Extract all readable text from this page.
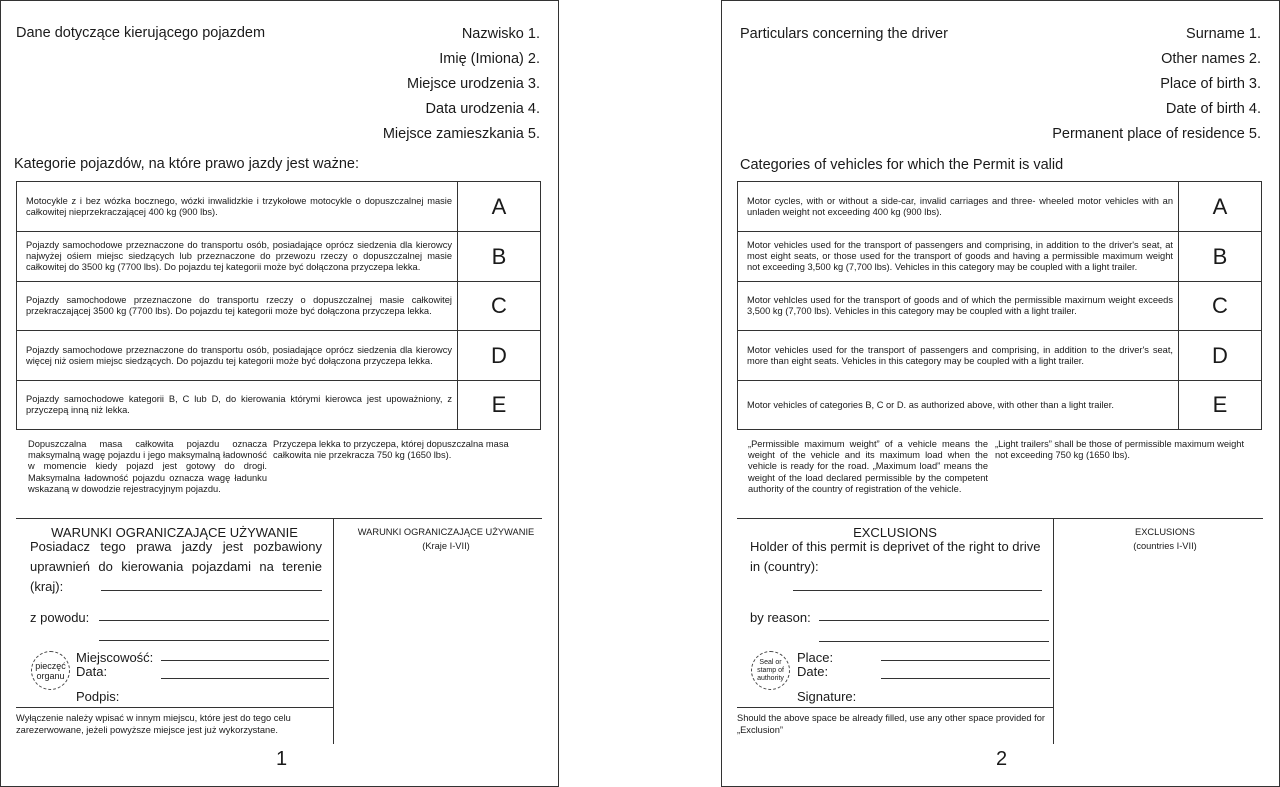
Dane dotyczące kierującego pojazdem	Nazwisko 1.
Imię (Imiona) 2.
Miejsce urodzenia 3.
Data urodzenia 4.
Miejsce zamieszkania 5.
Kategorie pojazdów, na które prawo jazdy jest ważne:
Motocykle z i bez wózka bocznego, wózki inwalidzkie i trzykołowe motocykle o dopuszczalnej masie całkowitej nieprzekraczającej 400 kg (900 lbs).	A
Pojazdy samochodowe przeznaczone do transportu osób, posiadające oprócz siedzenia dla kierowcy najwyżej ośiem miejsc siedzących lub przeznaczone do przewozu rzeczy o dopuszczalnej masie całkowitej do 3500 kg (7700 lbs). Do pojazdu tej kategorii może być dołączona przyczepa lekka.	B
Pojazdy samochodowe przeznaczone do transportu rzeczy o dopuszczalnej masie całkowitej przekraczającej 3500 kg (7700 lbs). Do pojazdu tej kategorii może być dołączona przyczepa lekka.	C
Pojazdy samochodowe przeznaczone do transportu osób, posiadające oprócz siedzenia dla kierowcy więcej niż osiem miejsc siedzących. Do pojazdu tej kategorii może być dołączona przyczepa lekka.	D
Pojazdy samochodowe kategorii B, C lub D, do kierowania którymi kierowca jest upoważniony, z przyczepą inną niż lekka.	E
Dopuszczalna masa całkowita pojazdu oznacza maksymalną wagę pojazdu i jego maksymalną ładowność w momencie kiedy pojazd jest gotowy do drogi. Maksymalna ładowność pojazdu oznacza wagę ładunku wskazaną w dowodzie rejestracyjnym pojazdu.
Przyczepa lekka to przyczepa, której dopuszczalna masa całkowita nie przekracza 750 kg (1650 lbs).
WARUNKI OGRANICZAJĄCE UŻYWANIE
Posiadacz tego prawa jazdy jest pozbawiony uprawnień do kierowania pojazdami na terenie (kraj):
z powodu:
pieczęć organu
Miejscowość:
Data:
Podpis:
WARUNKI OGRANICZAJĄCE UŻYWANIE
(Kraje I-VII)
Wyłączenie należy wpisać w innym miejscu, które jest do tego celu zarezerwowane, jeżeli powyższe miejsce jest już wykorzystane.
1
Particulars concerning the driver	Surname 1.
Other names 2.
Place of birth 3.
Date of birth 4.
Permanent place of residence 5.
Categories of vehicles for which the Permit is valid
Motor cycles, with or without a side-car, invalid carriages and three- wheeled motor vehicles with an unladen weight not exceeding 400 kg (900 lbs).	A
Motor vehicles used for the transport of passengers and comprising, in addition to the driver's seat, at most eight seats, or those used for the transport of goods and having a permissible maximum weight not exceeding 3,500 kg (7,700 lbs). Vehicles in this category may be coupled with a light trailer.	B
Motor vehlcles used for the transport of goods and of which the permissible maxirnum weight exceeds 3,500 kg (7,700 lbs). Vehicles in this category may be coupled with a light trailer.	C
Motor vehicles used for the transport of passengers and comprising, in addition to the driver's seat, more than eight seats. Vehicles in this category may be coupled with a light trailer.	D
Motor vehicles of categories B, C or D. as authorized above, with other than a light trailer.	E
„Permissible maximum weight” of a vehicle means the weight of the vehicle and its maximum load when the vehicle is ready for the road. „Maximum load” means the weight of the load declared permissible by the competent authority of the country of registration of the vehicle.
„Light trailers” shall be those of permissible maximum weight not exceeding 750 kg (1650 lbs).
EXCLUSIONS
Holder of this permit is deprivet of the right to drive in (country):
by reason:
Seal or stamp of authority
Place:
Date:
Signature:
EXCLUSIONS
(countries I-VII)
Should the above space be already filled, use any other space provided for „Exclusion”
2
